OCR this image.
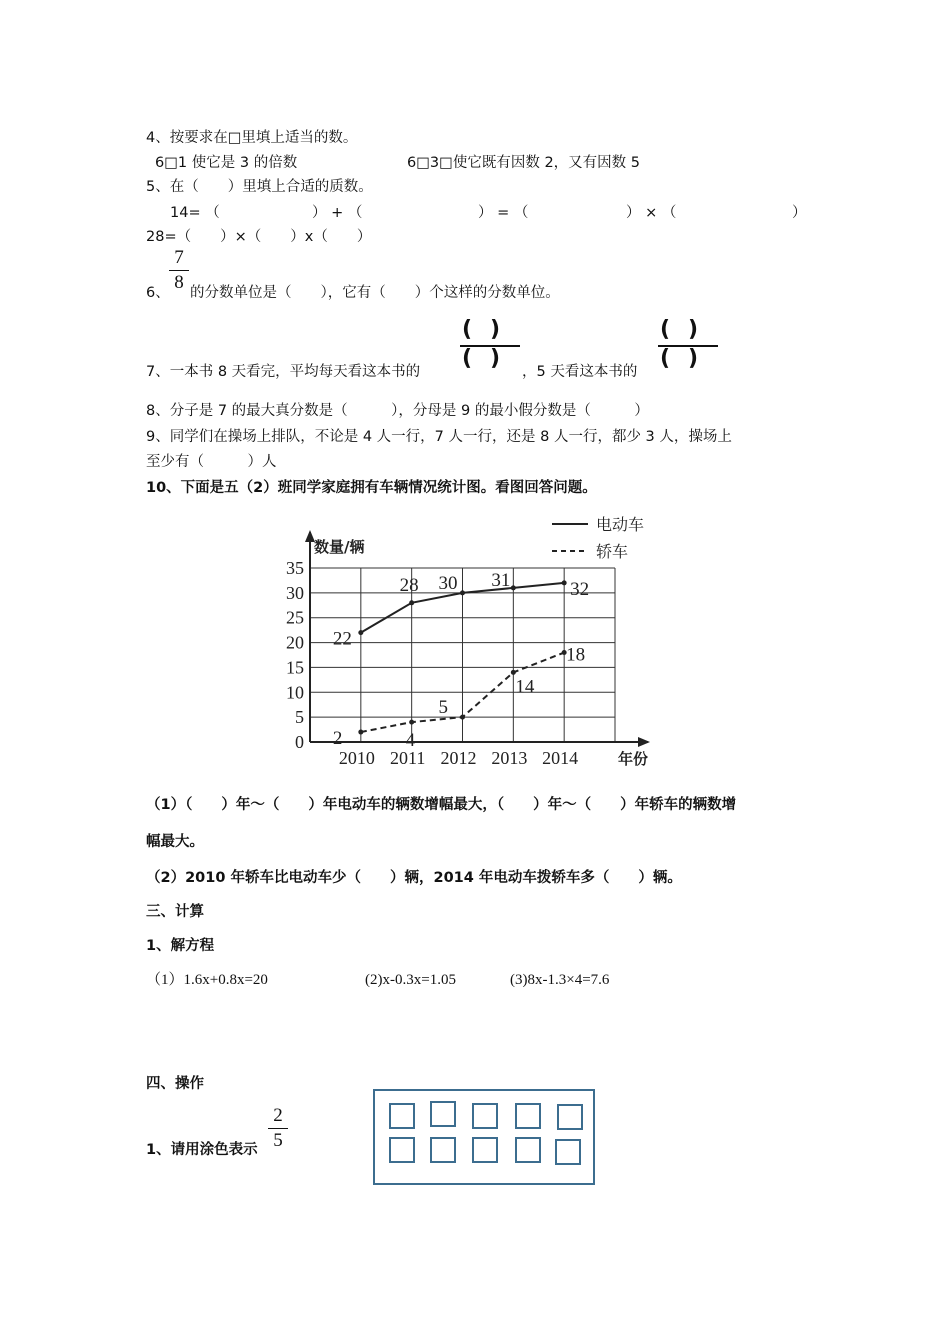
4、按要求在□里填上适当的数。
6□1 使它是 3 的倍数	6□3□使它既有因数 2，又有因数 5
5、在（　　）里填上合适的质数。
14= （	） + （	） = （	） × （	）
28=（　　）×（　　）x（　　）
7
8
6、 的分数单位是（　　），它有（　　）个这样的分数单位。
()
()
()
()
7、一本书 8 天看完，平均每天看这本书的	，5 天看这本书的
8、分子是 7 的最大真分数是（　　　），分母是 9 的最小假分数是（　　　）
9、同学们在操场上排队，不论是 4 人一行，7 人一行，还是 8 人一行，都少 3 人，操场上
至少有（　　　）人
10、下面是五（2）班同学家庭拥有车辆情况统计图。看图回答问题。
0
5
10
15
20
25
30
35
2010 2011 2012 2013 2014
数量/辆
年份
22
28 30 31	32
2	4
5
14
18
电动车
轿车
（1）（　　）年～（　　）年电动车的辆数增幅最大，（　　）年～（　　）年轿车的辆数增
幅最大。
（2）2010 年轿车比电动车少（　　）辆，2014 年电动车拨轿车多（　　）辆。
三、计算
1、解方程
（1）1.6x+0.8x=20	(2)x-0.3x=1.05	(3)8x-1.3×4=7.6
四、操作
2
5
1、请用涂色表示
